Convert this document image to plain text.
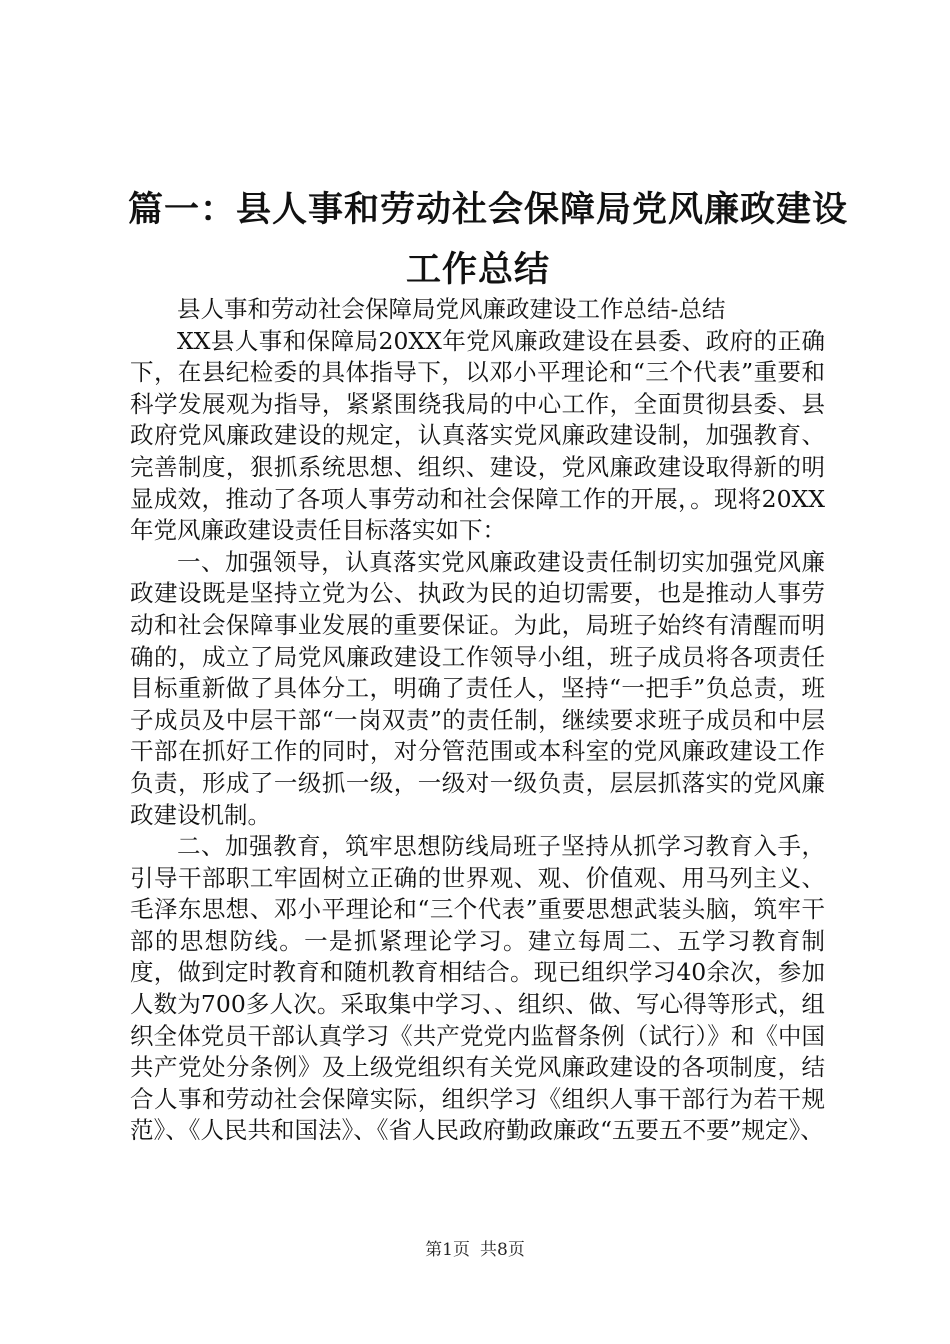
篇一：县人事和劳动社会保障局党风廉政建设
工作总结

县人事和劳动社会保障局党风廉政建设工作总结-总结

XX县人事和保障局20XX年党风廉政建设在县委、政府的正确下，在县纪检委的具体指导下，以邓小平理论和“三个代表”重要和科学发展观为指导，紧紧围绕我局的中心工作，全面贯彻县委、县政府党风廉政建设的规定，认真落实党风廉政建设制，加强教育、完善制度，狠抓系统思想、组织、建设，党风廉政建设取得新的明显成效，推动了各项人事劳动和社会保障工作的开展，。现将20XX年党风廉政建设责任目标落实如下：

一、加强领导，认真落实党风廉政建设责任制切实加强党风廉政建设既是坚持立党为公、执政为民的迫切需要，也是推动人事劳动和社会保障事业发展的重要保证。为此，局班子始终有清醒而明确的，成立了局党风廉政建设工作领导小组，班子成员将各项责任目标重新做了具体分工，明确了责任人，坚持“一把手”负总责，班子成员及中层干部“一岗双责”的责任制，继续要求班子成员和中层干部在抓好工作的同时，对分管范围或本科室的党风廉政建设工作负责，形成了一级抓一级，一级对一级负责，层层抓落实的党风廉政建设机制。

二、加强教育，筑牢思想防线局班子坚持从抓学习教育入手，引导干部职工牢固树立正确的世界观、观、价值观、用马列主义、毛泽东思想、邓小平理论和“三个代表”重要思想武装头脑，筑牢干部的思想防线。一是抓紧理论学习。建立每周二、五学习教育制度，做到定时教育和随机教育相结合。现已组织学习40余次，参加人数为700多人次。采取集中学习、、组织、做、写心得等形式，组织全体党员干部认真学习《共产党党内监督条例（试行）》和《中国共产党处分条例》及上级党组织有关党风廉政建设的各项制度，结合人事和劳动社会保障实际，组织学习《组织人事干部行为若干规范》、《人民共和国法》、《省人民政府勤政廉政“五要五不要”规定》、

第1页 共8页
